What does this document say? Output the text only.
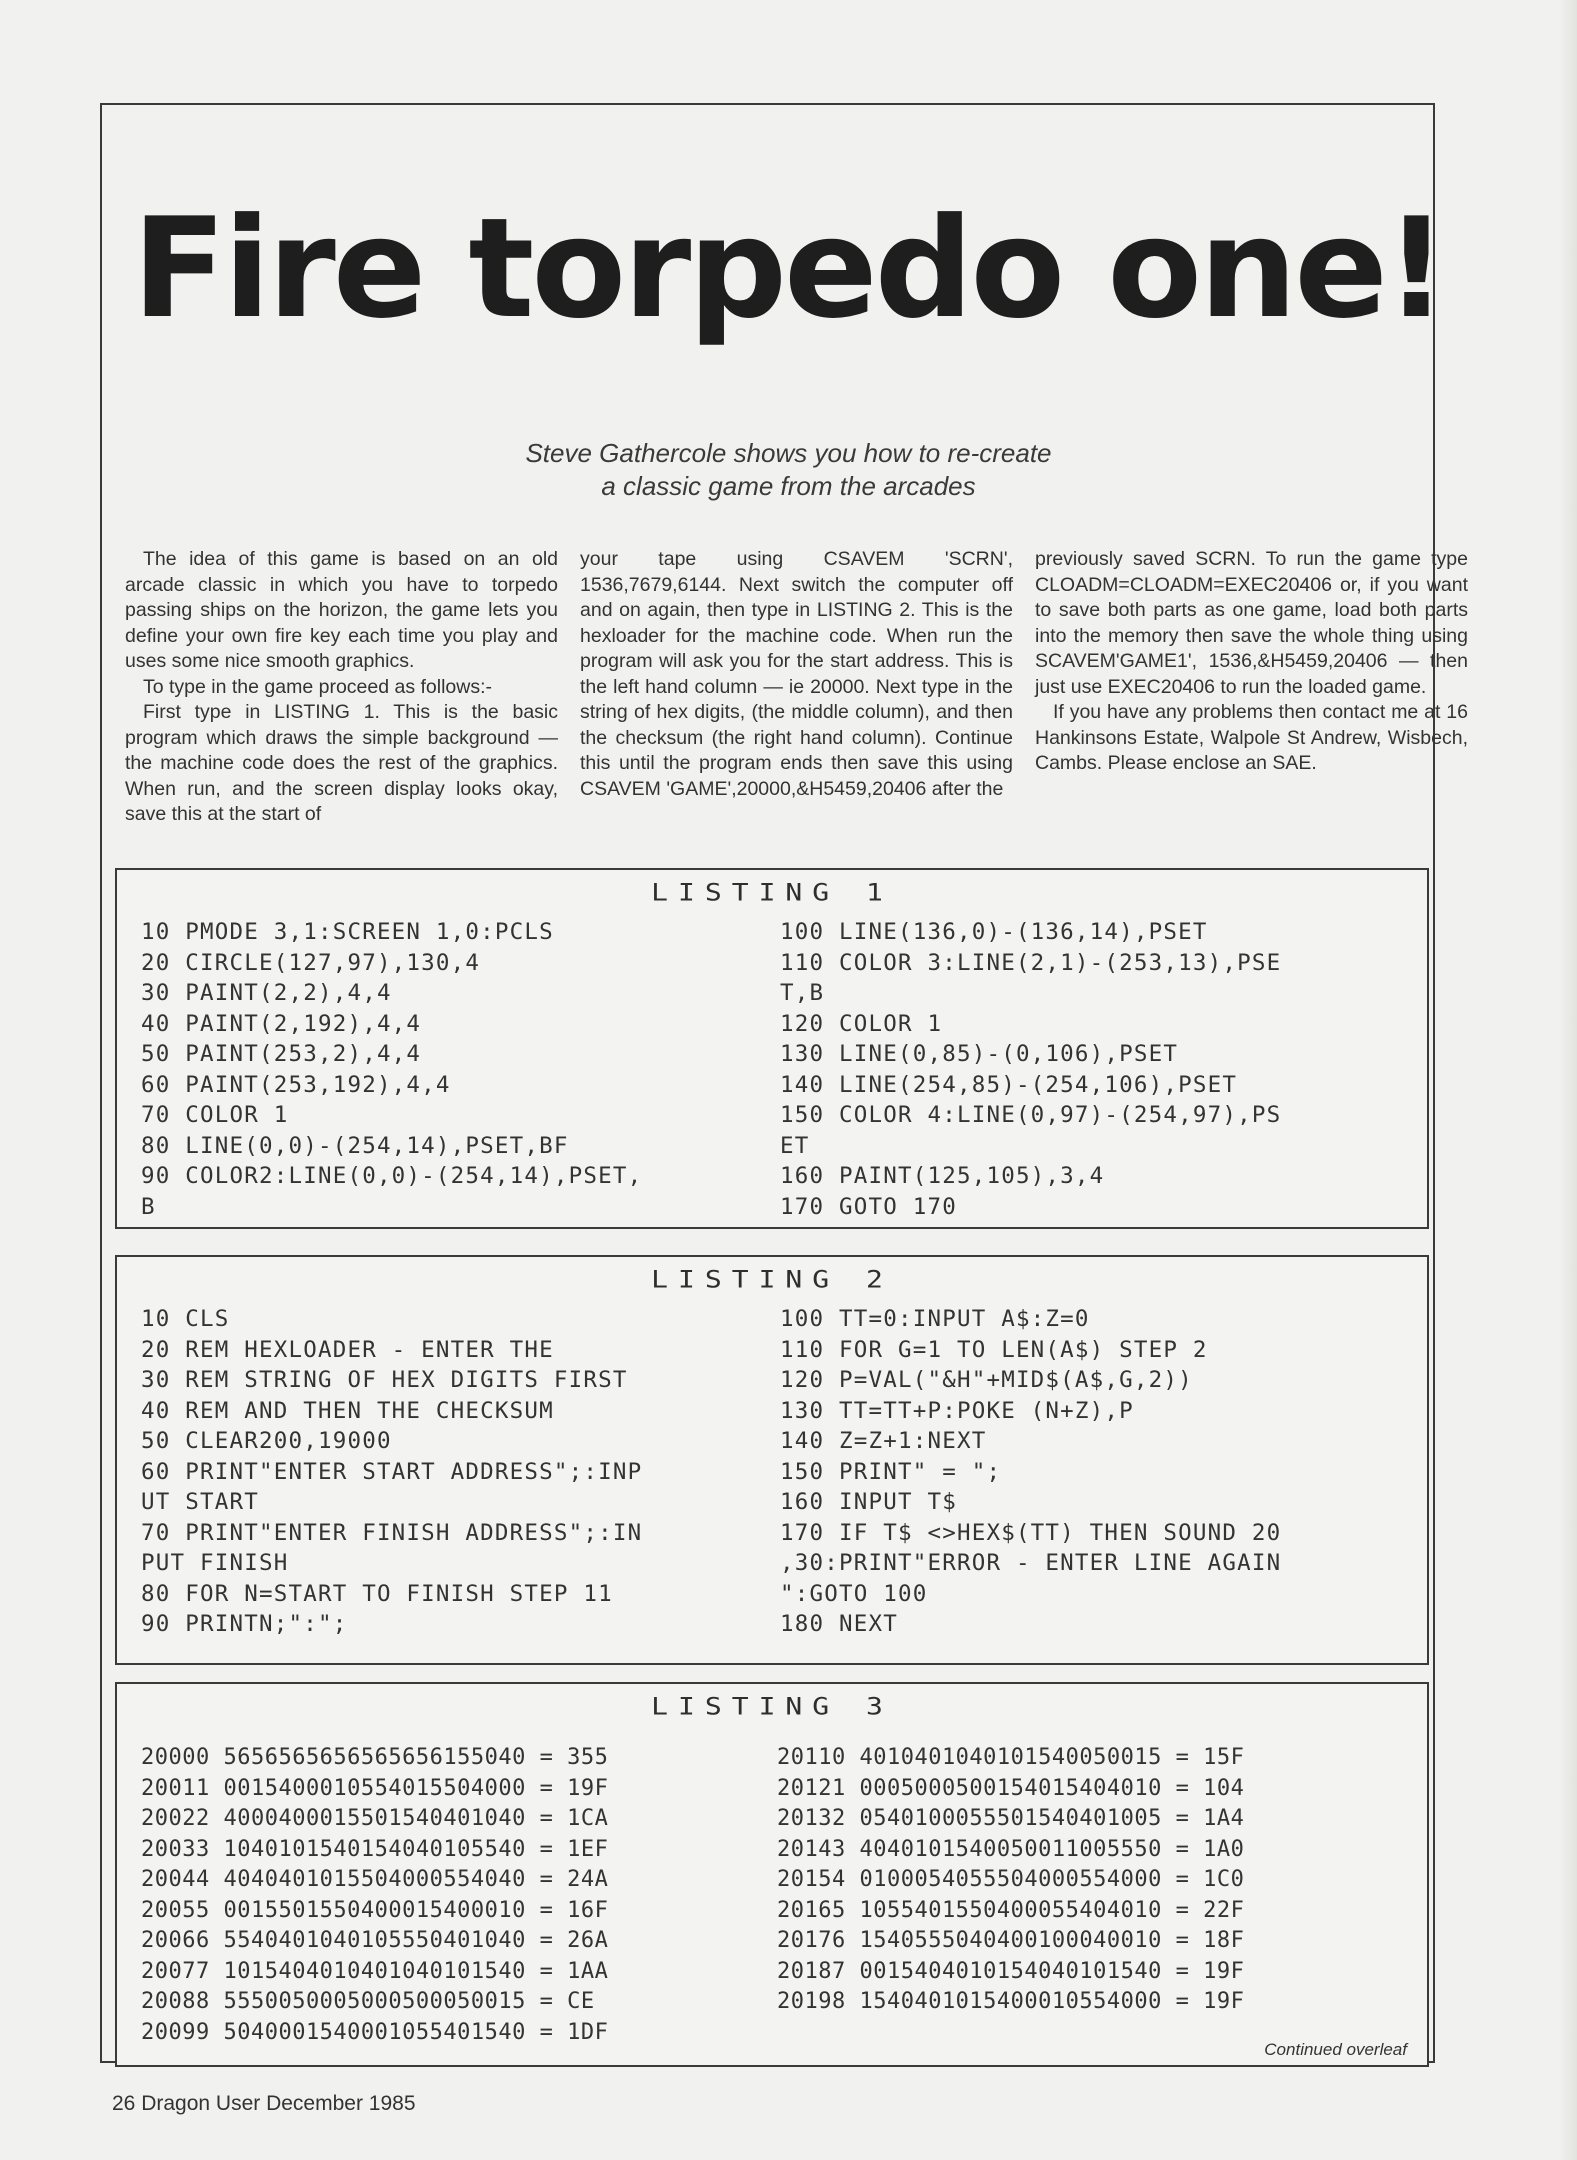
Fire torpedo one!
Steve Gathercole shows you how to re-create
a classic game from the arcades

The idea of this game is based on an old arcade classic in which you have to torpedo passing ships on the horizon, the game lets you define your own fire key each time you play and uses some nice smooth graphics.

To type in the game proceed as follows:-

First type in LISTING 1. This is the basic program which draws the simple background — the machine code does the rest of the graphics. When run, and the screen display looks okay, save this at the start of

your tape using CSAVEM 'SCRN', 1536,7679,6144. Next switch the computer off and on again, then type in LISTING 2. This is the hexloader for the machine code. When run the program will ask you for the start address. This is the left hand column — ie 20000. Next type in the string of hex digits, (the middle column), and then the checksum (the right hand column). Continue this until the program ends then save this using CSAVEM 'GAME',20000,&H5459,20406 after the

previously saved SCRN. To run the game type CLOADM=CLOADM=EXEC20406 or, if you want to save both parts as one game, load both parts into the memory then save the whole thing using SCAVEM'GAME1', 1536,&H5459,20406 — then just use EXEC20406 to run the loaded game.

If you have any problems then contact me at 16 Hankinsons Estate, Walpole St Andrew, Wisbech, Cambs. Please enclose an SAE.

LISTING 1
10 PMODE 3,1:SCREEN 1,0:PCLS
20 CIRCLE(127,97),130,4
30 PAINT(2,2),4,4
40 PAINT(2,192),4,4
50 PAINT(253,2),4,4
60 PAINT(253,192),4,4
70 COLOR 1
80 LINE(0,0)-(254,14),PSET,BF
90 COLOR2:LINE(0,0)-(254,14),PSET,
B
100 LINE(136,0)-(136,14),PSET
110 COLOR 3:LINE(2,1)-(253,13),PSE
T,B
120 COLOR 1
130 LINE(0,85)-(0,106),PSET
140 LINE(254,85)-(254,106),PSET
150 COLOR 4:LINE(0,97)-(254,97),PS
ET
160 PAINT(125,105),3,4
170 GOTO 170
LISTING 2
10 CLS
20 REM HEXLOADER - ENTER THE
30 REM STRING OF HEX DIGITS FIRST
40 REM AND THEN THE CHECKSUM
50 CLEAR200,19000
60 PRINT"ENTER START ADDRESS";:INP
UT START
70 PRINT"ENTER FINISH ADDRESS";:IN
PUT FINISH
80 FOR N=START TO FINISH STEP 11
90 PRINTN;":";
100 TT=0:INPUT A$:Z=0
110 FOR G=1 TO LEN(A$) STEP 2
120 P=VAL("&H"+MID$(A$,G,2))
130 TT=TT+P:POKE (N+Z),P
140 Z=Z+1:NEXT
150 PRINT" = ";
160 INPUT T$
170 IF T$ <>HEX$(TT) THEN SOUND 20
,30:PRINT"ERROR - ENTER LINE AGAIN
":GOTO 100
180 NEXT
LISTING 3
20000 5656565656565656155040 = 355
20011 0015400010554015504000 = 19F
20022 4000400015501540401040 = 1CA
20033 1040101540154040105540 = 1EF
20044 4040401015504000554040 = 24A
20055 0015501550400015400010 = 16F
20066 5540401040105550401040 = 26A
20077 1015404010401040101540 = 1AA
20088 5550050005000500050015 = CE
20099 5040001540001055401540 = 1DF
20110 4010401040101540050015 = 15F
20121 0005000500154015404010 = 104
20132 0540100055501540401005 = 1A4
20143 4040101540050011005550 = 1A0
20154 0100054055504000554000 = 1C0
20165 1055401550400055404010 = 22F
20176 1540555040400100040010 = 18F
20187 0015404010154040101540 = 19F
20198 1540401015400010554000 = 19F
Continued overleaf
26 Dragon User December 1985
